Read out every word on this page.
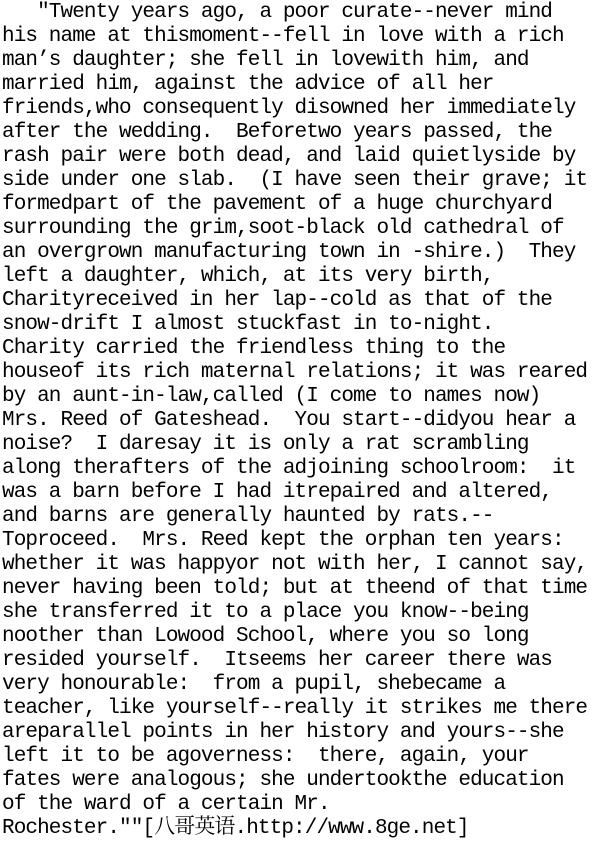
″Twenty years ago, a poor curate--never mind
his name at thismoment--fell in love with a rich
man’s daughter; she fell in lovewith him, and
married him, against the advice of all her
friends,who consequently disowned her immediately
after the wedding.  Beforetwo years passed, the
rash pair were both dead, and laid quietlyside by
side under one slab.  (I have seen their grave; it
formedpart of the pavement of a huge churchyard
surrounding the grim,soot-black old cathedral of
an overgrown manufacturing town in -shire.)  They
left a daughter, which, at its very birth,
Charityreceived in her lap--cold as that of the
snow-drift I almost stuckfast in to-night.
Charity carried the friendless thing to the
houseof its rich maternal relations; it was reared
by an aunt-in-law,called (I come to names now)
Mrs. Reed of Gateshead.  You start--didyou hear a
noise?  I daresay it is only a rat scrambling
along therafters of the adjoining schoolroom:  it
was a barn before I had itrepaired and altered,
and barns are generally haunted by rats.--
Toproceed.  Mrs. Reed kept the orphan ten years:
whether it was happyor not with her, I cannot say,
never having been told; but at theend of that time
she transferred it to a place you know--being
noother than Lowood School, where you so long
resided yourself.  Itseems her career there was
very honourable:  from a pupil, shebecame a
teacher, like yourself--really it strikes me there
areparallel points in her history and yours--she
left it to be agoverness:  there, again, your
fates were analogous; she undertookthe education
of the ward of a certain Mr.
Rochester.″″[八哥英语.http://www.8ge.net]
